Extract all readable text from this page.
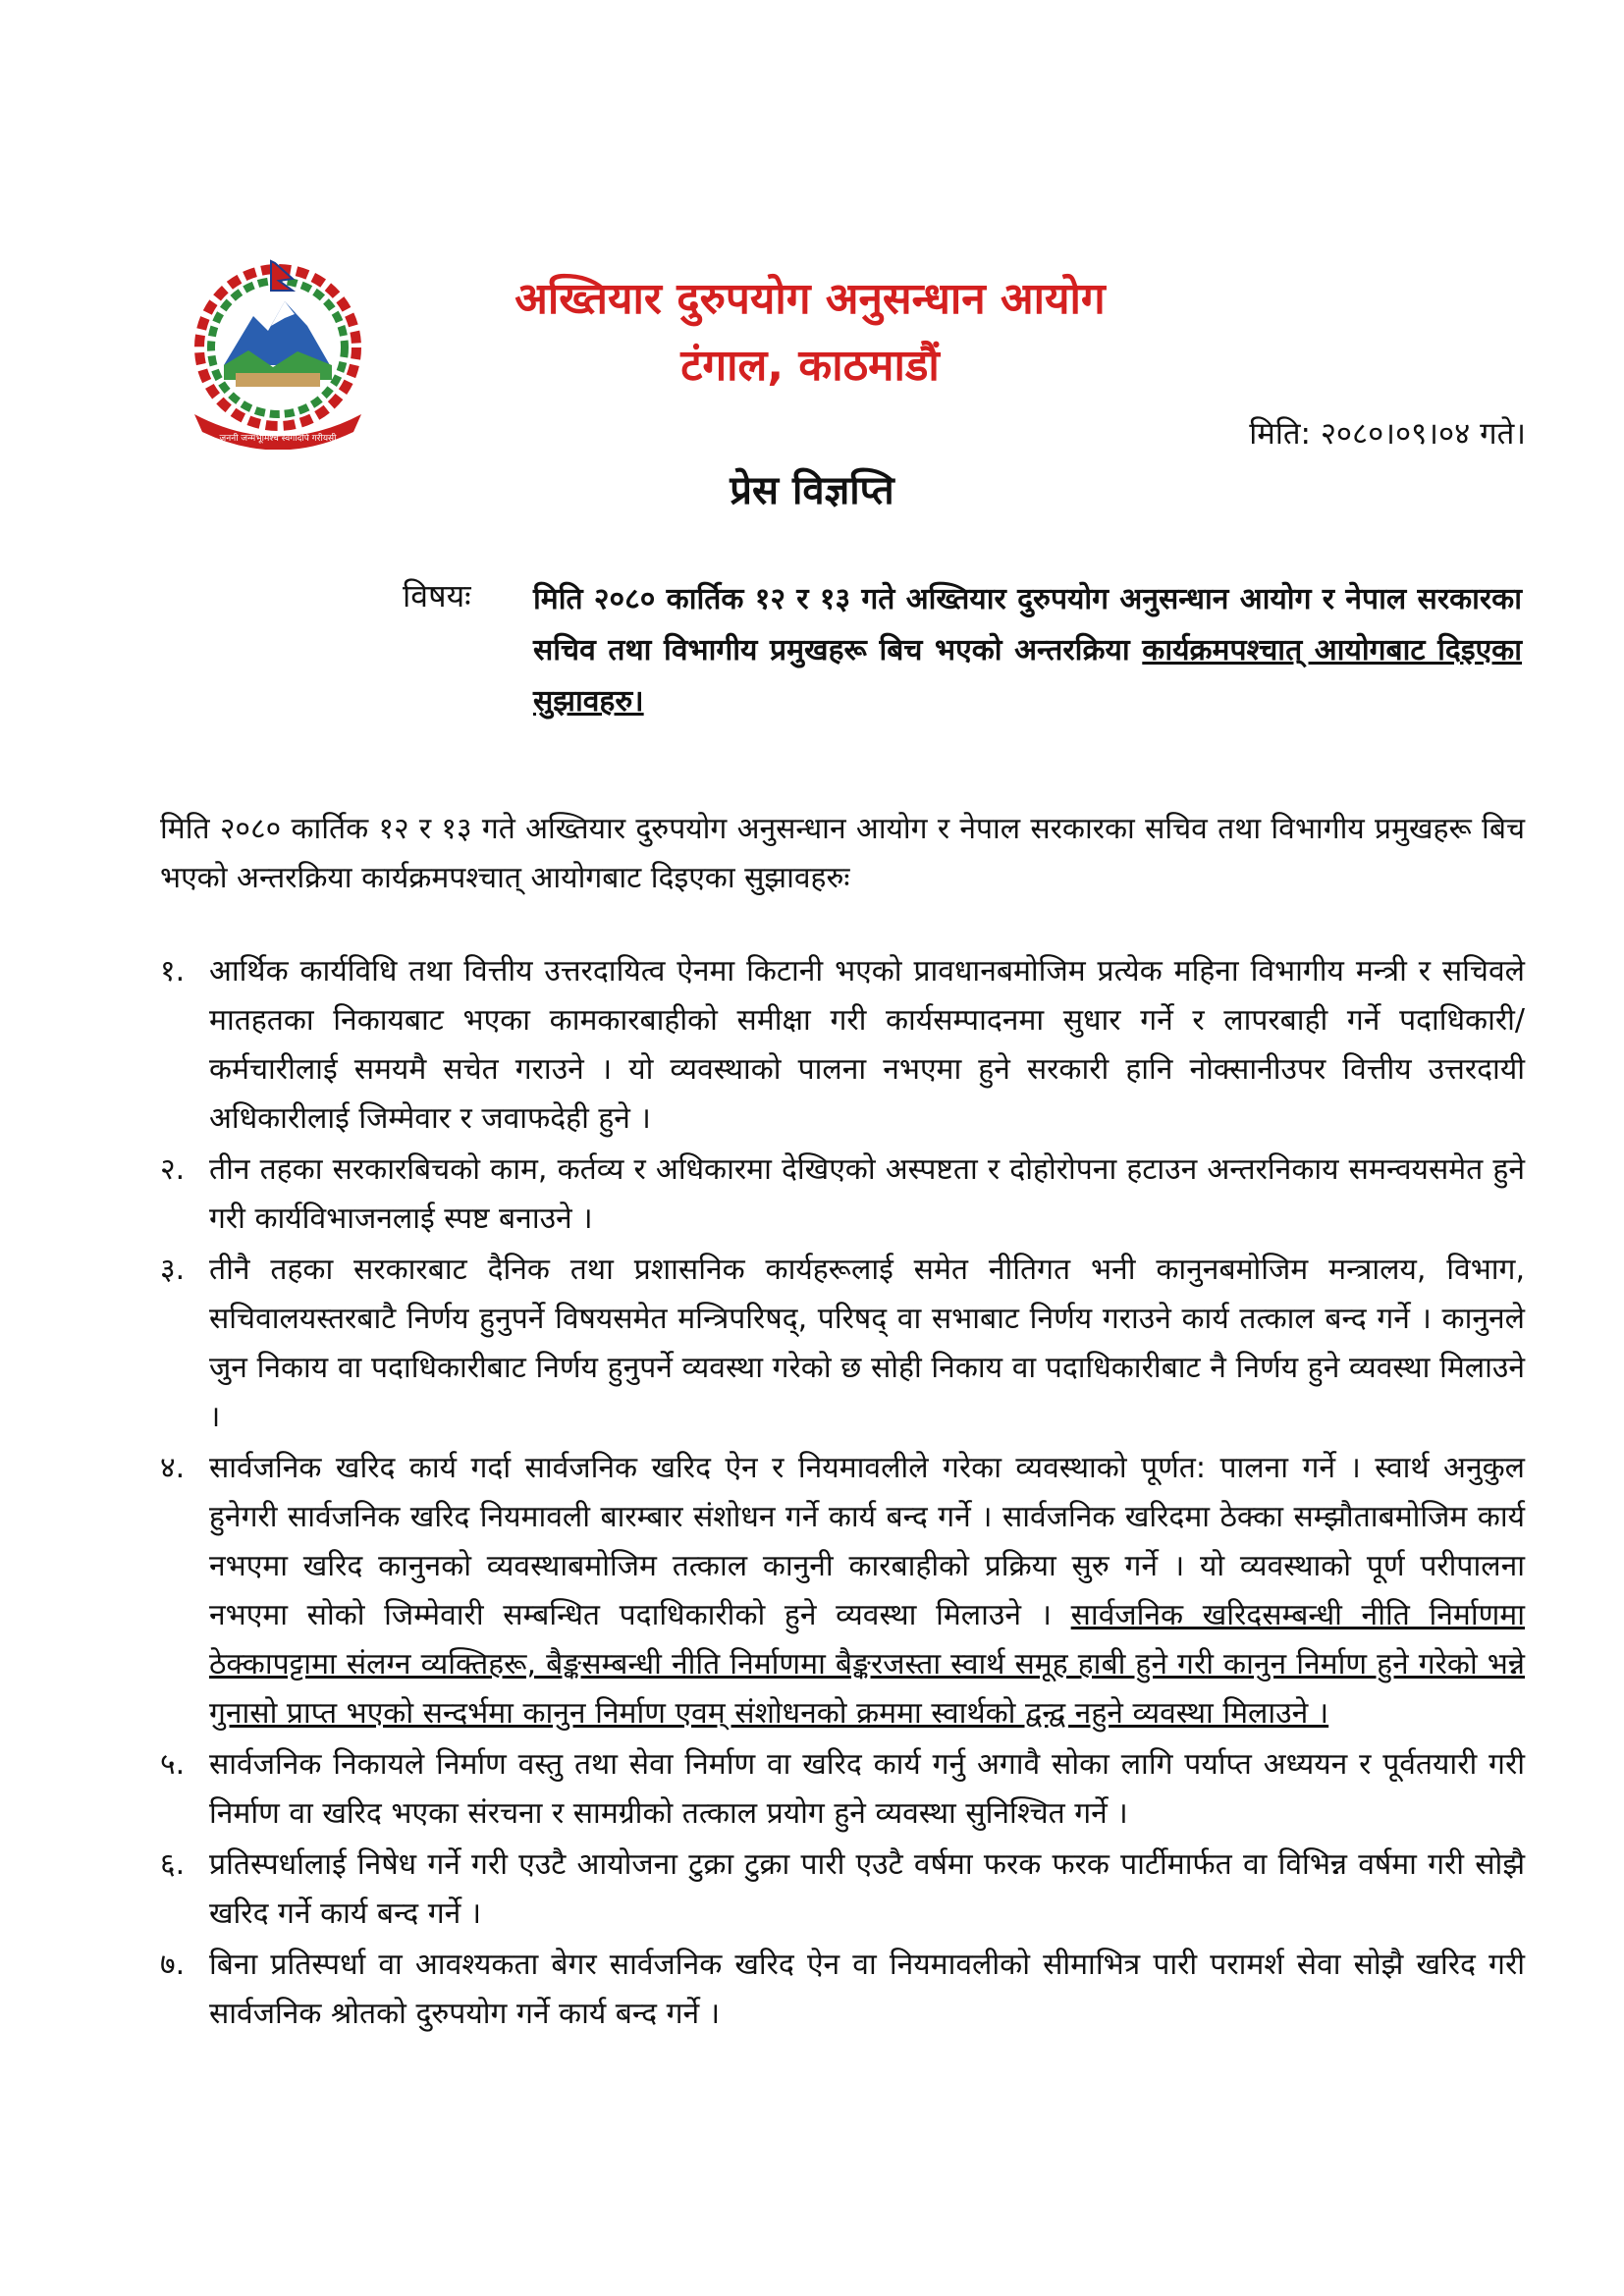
जननी जन्मभूमिश्च स्वर्गादपि गरीयसी
अख्तियार दुरुपयोग अनुसन्धान आयोग
टंगाल, काठमाडौं
मिति: २०८०।०९।०४ गते।
प्रेस विज्ञप्ति
विषयः मिति २०८० कार्तिक १२ र १३ गते अख्तियार दुरुपयोग अनुसन्धान आयोग र नेपाल सरकारका सचिव तथा विभागीय प्रमुखहरू बिच भएको अन्तरक्रिया कार्यक्रमपश्चात् आयोगबाट दिइएका सुझावहरु।
मिति २०८० कार्तिक १२ र १३ गते अख्तियार दुरुपयोग अनुसन्धान आयोग र नेपाल सरकारका सचिव तथा विभागीय प्रमुखहरू बिच भएको अन्तरक्रिया कार्यक्रमपश्चात् आयोगबाट दिइएका सुझावहरुः
१. आर्थिक कार्यविधि तथा वित्तीय उत्तरदायित्व ऐनमा किटानी भएको प्रावधानबमोजिम प्रत्येक महिना विभागीय मन्त्री र सचिवले मातहतका निकायबाट भएका कामकारबाहीको समीक्षा गरी कार्यसम्पादनमा सुधार गर्ने र लापरबाही गर्ने पदाधिकारी/कर्मचारीलाई समयमै सचेत गराउने । यो व्यवस्थाको पालना नभएमा हुने सरकारी हानि नोक्सानीउपर वित्तीय उत्तरदायी अधिकारीलाई जिम्मेवार र जवाफदेही हुने ।
२. तीन तहका सरकारबिचको काम, कर्तव्य र अधिकारमा देखिएको अस्पष्टता र दोहोरोपना हटाउन अन्तरनिकाय समन्वयसमेत हुने गरी कार्यविभाजनलाई स्पष्ट बनाउने ।
३. तीनै तहका सरकारबाट दैनिक तथा प्रशासनिक कार्यहरूलाई समेत नीतिगत भनी कानुनबमोजिम मन्त्रालय, विभाग, सचिवालयस्तरबाटै निर्णय हुनुपर्ने विषयसमेत मन्त्रिपरिषद्, परिषद् वा सभाबाट निर्णय गराउने कार्य तत्काल बन्द गर्ने । कानुनले जुन निकाय वा पदाधिकारीबाट निर्णय हुनुपर्ने व्यवस्था गरेको छ सोही निकाय वा पदाधिकारीबाट नै निर्णय हुने व्यवस्था मिलाउने ।
४. सार्वजनिक खरिद कार्य गर्दा सार्वजनिक खरिद ऐन र नियमावलीले गरेका व्यवस्थाको पूर्णत: पालना गर्ने । स्वार्थ अनुकुल हुनेगरी सार्वजनिक खरिद नियमावली बारम्बार संशोधन गर्ने कार्य बन्द गर्ने । सार्वजनिक खरिदमा ठेक्का सम्झौताबमोजिम कार्य नभएमा खरिद कानुनको व्यवस्थाबमोजिम तत्काल कानुनी कारबाहीको प्रक्रिया सुरु गर्ने । यो व्यवस्थाको पूर्ण परीपालना नभएमा सोको जिम्मेवारी सम्बन्धित पदाधिकारीको हुने व्यवस्था मिलाउने । सार्वजनिक खरिदसम्बन्धी नीति निर्माणमा ठेक्कापट्टामा संलग्न व्यक्तिहरू, बैङ्कसम्बन्धी नीति निर्माणमा बैङ्करजस्ता स्वार्थ समूह हाबी हुने गरी कानुन निर्माण हुने गरेको भन्ने गुनासो प्राप्त भएको सन्दर्भमा कानुन निर्माण एवम् संशोधनको क्रममा स्वार्थको द्वन्द्व नहुने व्यवस्था मिलाउने ।
५. सार्वजनिक निकायले निर्माण वस्तु तथा सेवा निर्माण वा खरिद कार्य गर्नु अगावै सोका लागि पर्याप्त अध्ययन र पूर्वतयारी गरी निर्माण वा खरिद भएका संरचना र सामग्रीको तत्काल प्रयोग हुने व्यवस्था सुनिश्चित गर्ने ।
६. प्रतिस्पर्धालाई निषेध गर्ने गरी एउटै आयोजना टुक्रा टुक्रा पारी एउटै वर्षमा फरक फरक पार्टीमार्फत वा विभिन्न वर्षमा गरी सोझै खरिद गर्ने कार्य बन्द गर्ने ।
७. बिना प्रतिस्पर्धा वा आवश्यकता बेगर सार्वजनिक खरिद ऐन वा नियमावलीको सीमाभित्र पारी परामर्श सेवा सोझै खरिद गरी सार्वजनिक श्रोतको दुरुपयोग गर्ने कार्य बन्द गर्ने ।
